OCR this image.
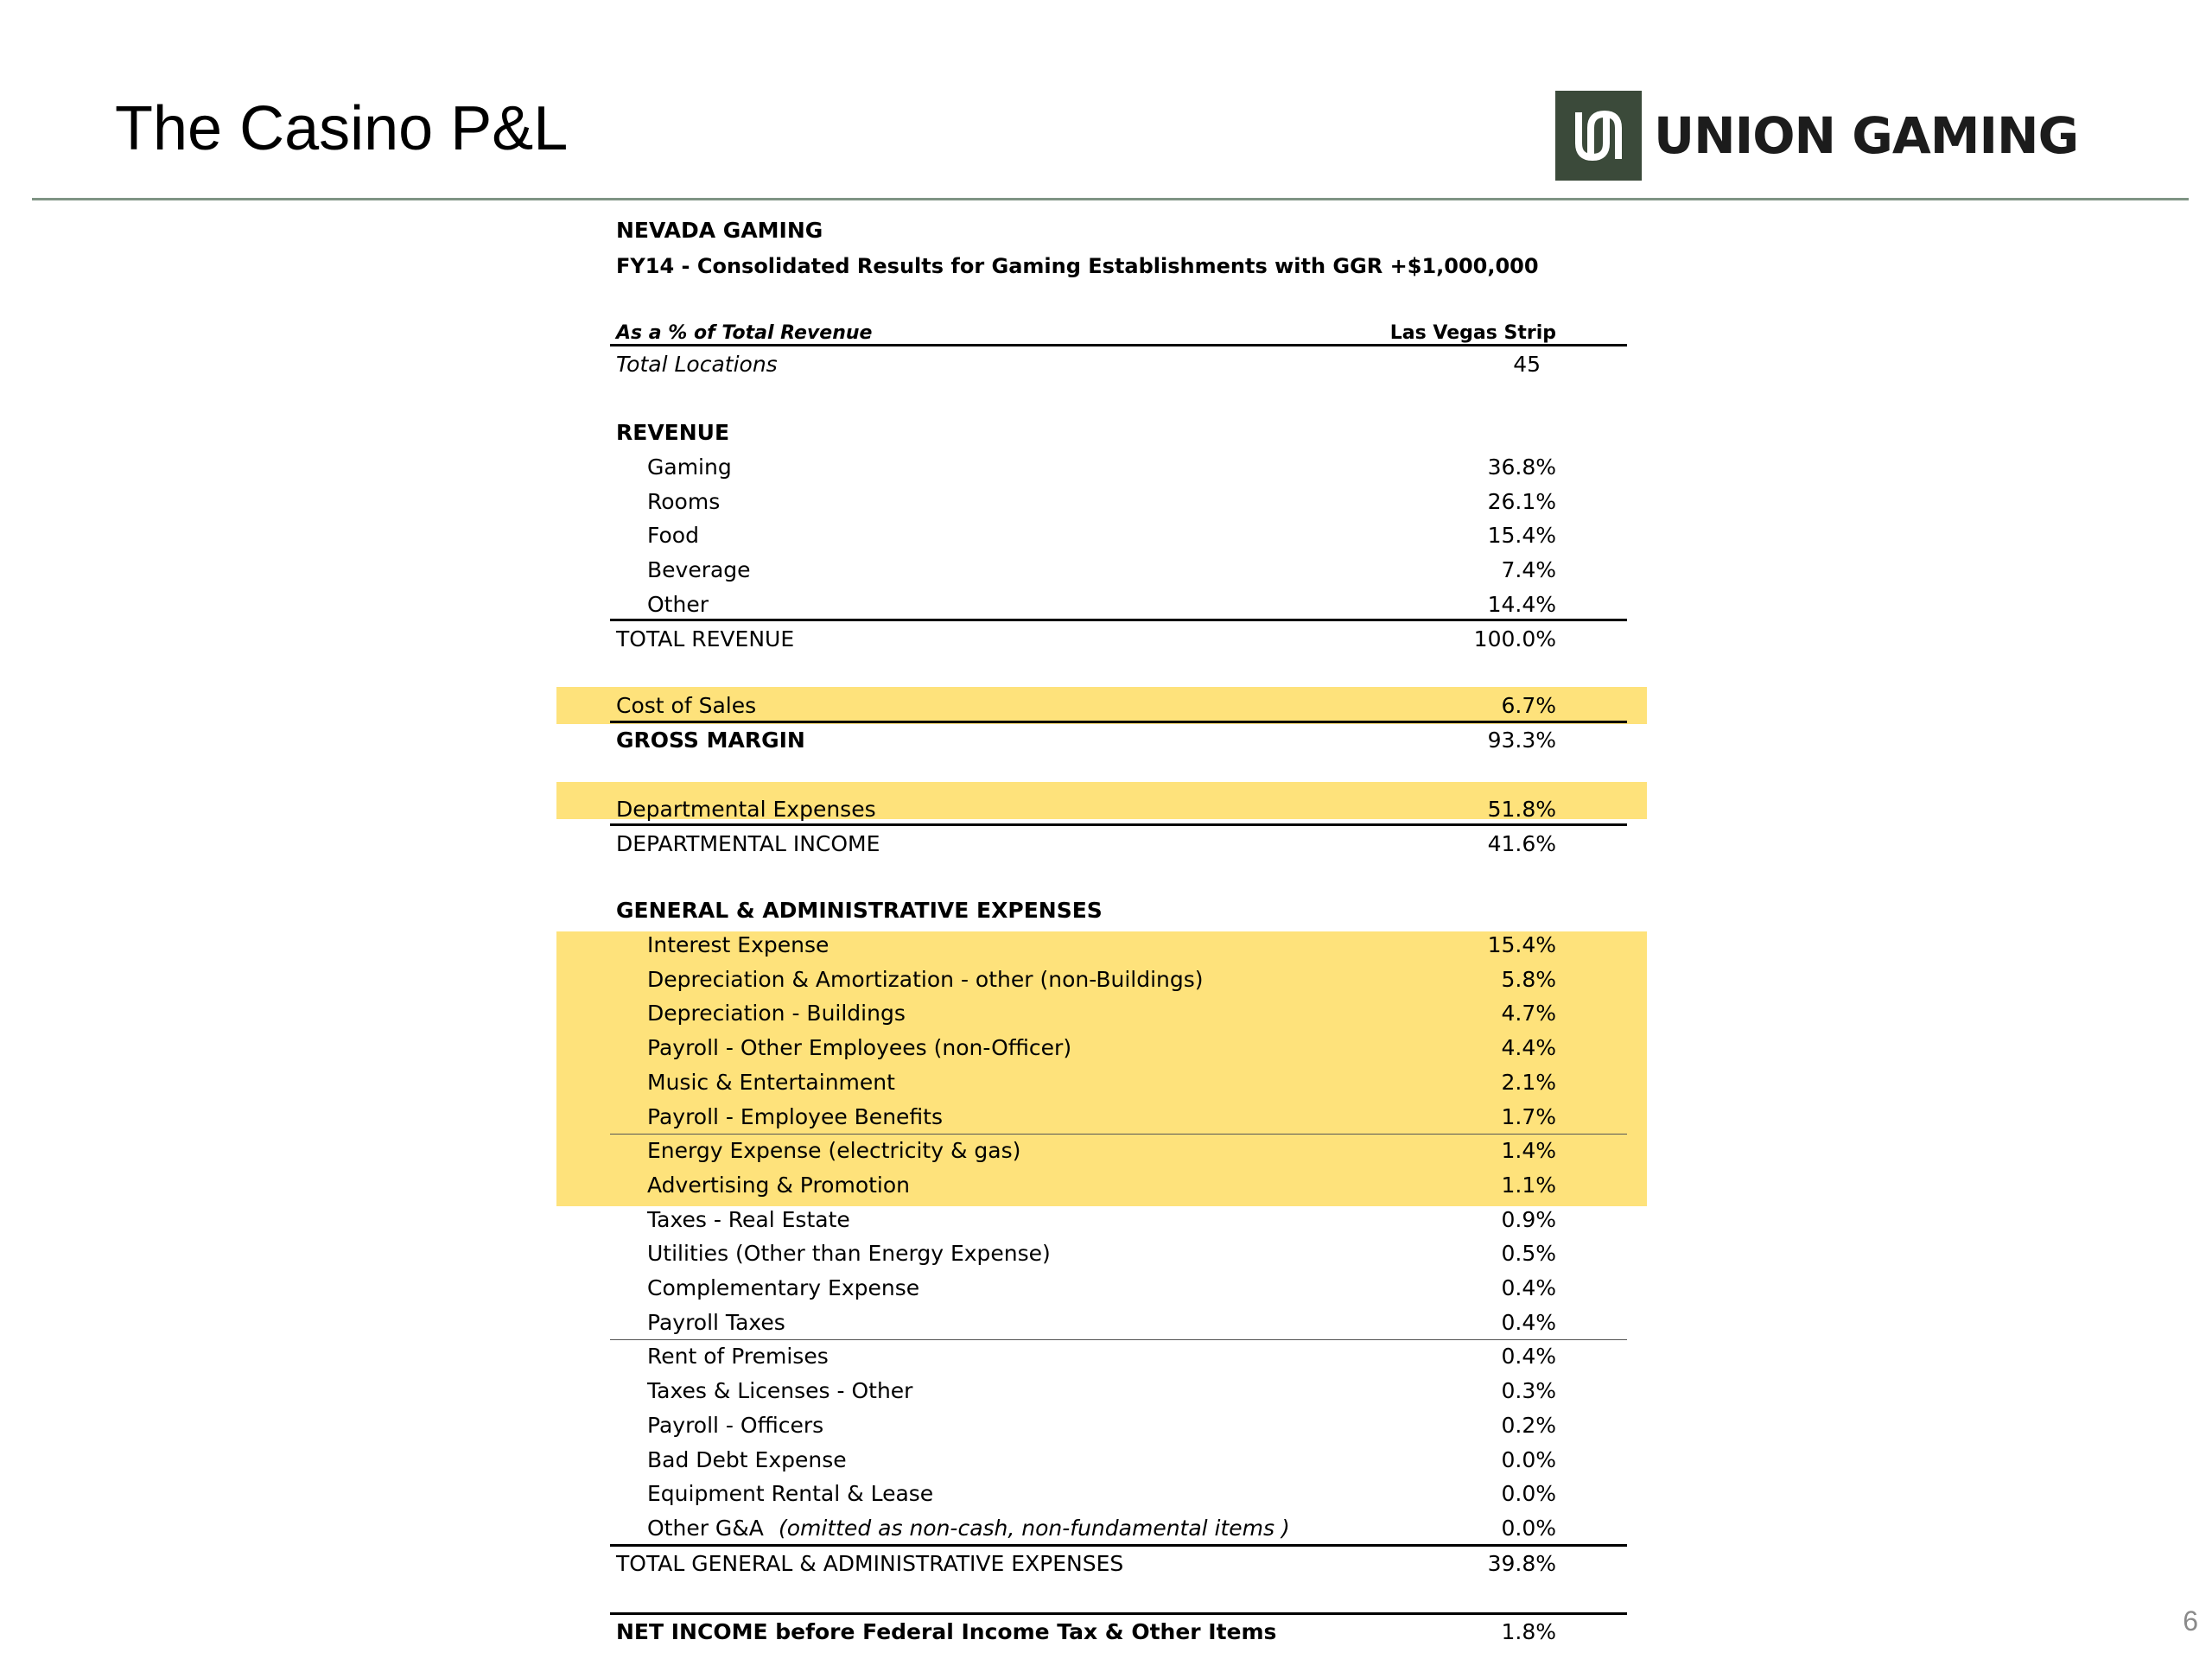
The Casino P&L	UNION GAMING
NEVADA GAMING
FY14 - Consolidated Results for Gaming Establishments with GGR +$1,000,000
As a % of Total Revenue	Las Vegas Strip
Total Locations	45
REVENUE
Gaming	36.8%
Rooms	26.1%
Food	15.4%
Beverage	7.4%
Other	14.4%
TOTAL REVENUE	100.0%
Cost of Sales	6.7%
GROSS MARGIN	93.3%
Departmental Expenses	51.8%
DEPARTMENTAL INCOME	41.6%
GENERAL & ADMINISTRATIVE EXPENSES
Interest Expense	15.4%
Depreciation & Amortization - other (non-Buildings)	5.8%
Depreciation - Buildings	4.7%
Payroll - Other Employees (non-Officer)	4.4%
Music & Entertainment	2.1%
Payroll - Employee Benefits	1.7%
Energy Expense (electricity & gas)	1.4%
Advertising & Promotion	1.1%
Taxes - Real Estate	0.9%
Utilities (Other than Energy Expense)	0.5%
Complementary Expense	0.4%
Payroll Taxes	0.4%
Rent of Premises	0.4%
Taxes & Licenses - Other	0.3%
Payroll - Officers	0.2%
Bad Debt Expense	0.0%
Equipment Rental & Lease	0.0%
Other G&A (omitted as non-cash, non-fundamental items )	0.0%
TOTAL GENERAL & ADMINISTRATIVE EXPENSES	39.8%
NET INCOME before Federal Income Tax & Other Items	1.8%	6
